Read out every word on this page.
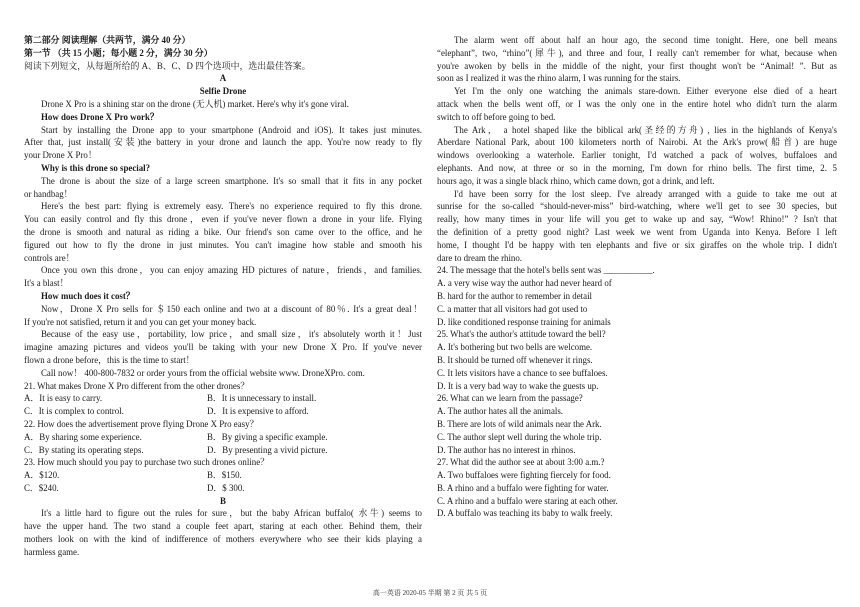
第二部分 阅读理解（共两节，满分 40 分）
第一节 （共 15 小题；每小题 2 分，满分 30 分）
阅读下列短文，从每题所给的 A、B、C、D 四个选项中，选出最佳答案。
A
Selfie Drone
Drone X Pro is a shining star on the drone (无人机) market. Here's why it's gone viral.
How does Drone X Pro work？
Start by installing the Drone app to your smartphone (Android and iOS). It takes just minutes.
After that, just install(安装)the battery in your drone and launch the app. You're now ready to fly
your Drone X Pro！
Why is this drone so special?
The drone is about the size of a large screen smartphone. It's so small that it fits in any pocket
or handbag！
Here's the best part: flying is extremely easy. There's no experience required to fly this drone.
You can easily control and fly this drone，even if you've never flown a drone in your life. Flying
the drone is smooth and natural as riding a bike. Our friend's son came over to the office, and he
figured out how to fly the drone in just minutes. You can't imagine how stable and smooth his
controls are！
Once you own this drone，you can enjoy amazing HD pictures of nature，friends，and families.
It's a blast！
How much does it cost？
Now，Drone X Pro sells for ＄150 each online and two at a discount of 80％. It's a great deal！
If you're not satisfied, return it and you can get your money back.
Because of the easy use，portability, low price，and small size，it's absolutely worth it！Just
imagine amazing pictures and videos you'll be taking with your new Drone X Pro. If you've never
flown a drone before，this is the time to start！
Call now！ 400-800-7832 or order yours from the official website www. DroneXPro. com.
21. What makes Drone X Pro different from the other drones？
A．It is easy to carry.	B．It is unnecessary to install.
C．It is complex to control.	D．It is expensive to afford.
22. How does the advertisement prove flying Drone X Pro easy？
A．By sharing some experience.	B．By giving a specific example.
C．By stating its operating steps.	D．By presenting a vivid picture.
23. How much should you pay to purchase two such drones online？
A．$120.	B．$150.
C．$240.	D．$ 300.
B
It's a little hard to figure out the rules for sure，but the baby African buffalo( 水牛) seems to
have the upper hand. The two stand a couple feet apart, staring at each other. Behind them, their
mothers look on with the kind of indifference of mothers everywhere who see their kids playing a
harmless game.
The alarm went off about half an hour ago, the second time tonight. Here, one bell means
“elephant”, two, “rhino”(犀牛), and three and four, I really can't remember for what, because when
you're awoken by bells in the middle of the night, your first thought won't be “Animal! ”. But as
soon as I realized it was the rhino alarm, I was running for the stairs.
Yet I'm the only one watching the animals stare-down. Either everyone else died of a heart
attack when the bells went off, or I was the only one in the entire hotel who didn't turn the alarm
switch to off before going to bed.
The Ark， a hotel shaped like the biblical ark(圣经的方舟) , lies in the highlands of Kenya's
Aberdare National Park, about 100 kilometers north of Nairobi. At the Ark's prow(船首) are huge
windows overlooking a waterhole. Earlier tonight, I'd watched a pack of wolves, buffaloes and
elephants. And now, at three or so in the morning, I'm down for rhino bells. The first time, 2. 5
hours ago, it was a single black rhino, which came down, got a drink, and left.
I'd have been sorry for the lost sleep. I've already arranged with a guide to take me out at
sunrise for the so-called “should-never-miss” bird-watching, where we'll get to see 30 species, but
really, how many times in your life will you get to wake up and say, “Wow! Rhino!” ? Isn't that
the definition of a pretty good night? Last week we went from Uganda into Kenya. Before I left
home, I thought I'd be happy with ten elephants and five or six giraffes on the whole trip. I didn't
dare to dream the rhino.
24. The message that the hotel's bells sent was ___________.
A. a very wise way the author had never heard of
B. hard for the author to remember in detail
C. a matter that all visitors had got used to
D. like conditioned response training for animals
25. What's the author's attitude toward the bell?
A. It's bothering but two bells are welcome.
B. It should be turned off whenever it rings.
C. It lets visitors have a chance to see buffaloes.
D. It is a very bad way to wake the guests up.
26. What can we learn from the passage?
A. The author hates all the animals.
B. There are lots of wild animals near the Ark.
C. The author slept well during the whole trip.
D. The author has no interest in rhinos.
27. What did the author see at about 3:00 a.m.?
A. Two buffaloes were fighting fiercely for food.
B. A rhino and a buffalo were fighting for water.
C. A rhino and a buffalo were staring at each other.
D. A buffalo was teaching its baby to walk freely.
高一英语 2020-05 半期 第 2 页 共 5 页
